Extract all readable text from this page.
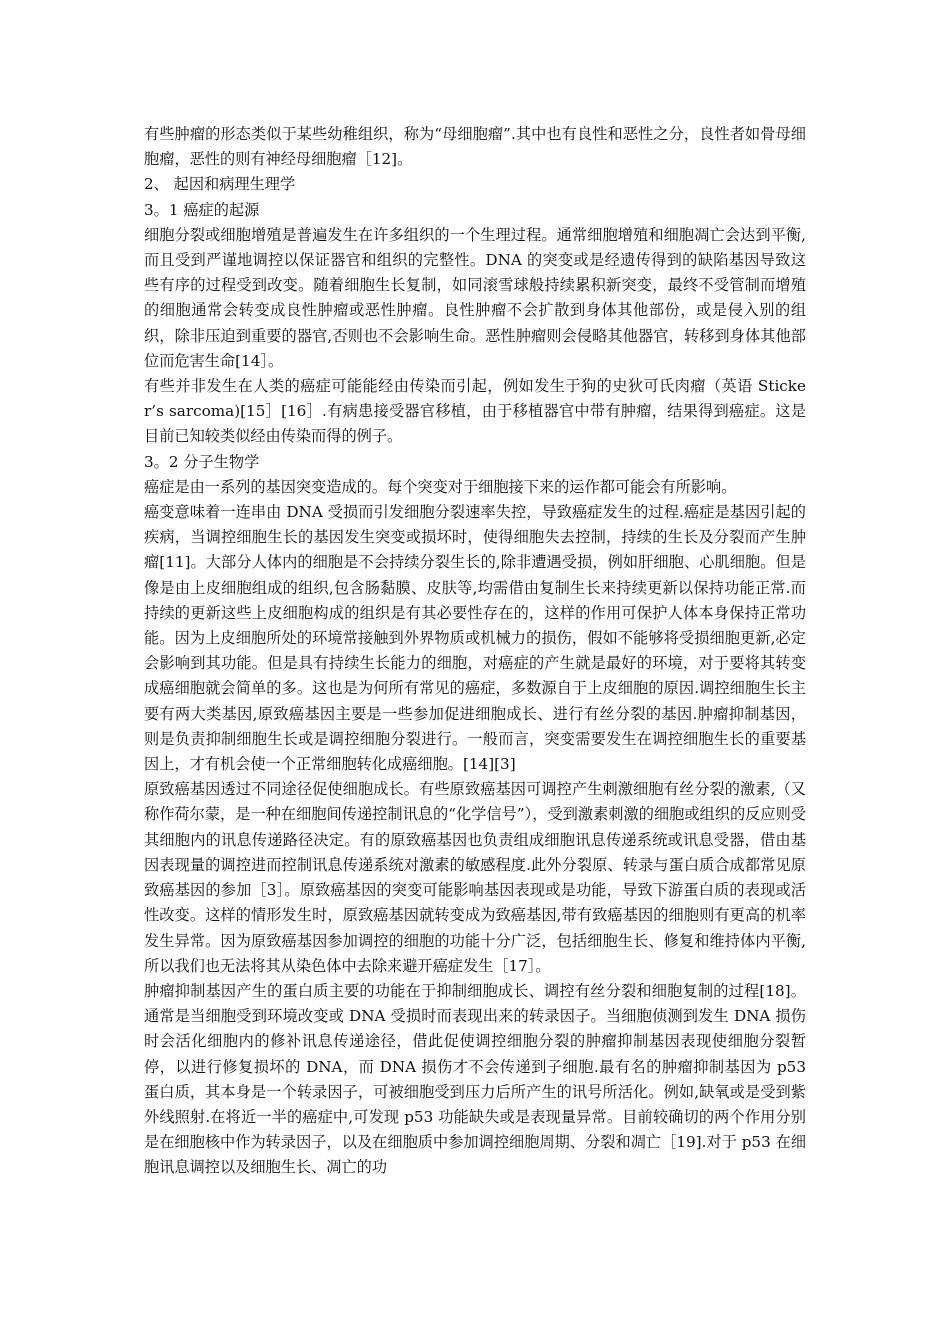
有些肿瘤的形态类似于某些幼稚组织，称为“母细胞瘤”.其中也有良性和恶性之分，良性者如骨母细胞瘤，恶性的则有神经母细胞瘤［12]。

2、 起因和病理生理学

3。1 癌症的起源

细胞分裂或细胞增殖是普遍发生在许多组织的一个生理过程。通常细胞增殖和细胞凋亡会达到平衡,而且受到严谨地调控以保证器官和组织的完整性。DNA 的突变或是经遗传得到的缺陷基因导致这些有序的过程受到改变。随着细胞生长复制，如同滚雪球般持续累积新突变，最终不受管制而增殖的细胞通常会转变成良性肿瘤或恶性肿瘤。良性肿瘤不会扩散到身体其他部份，或是侵入别的组织，除非压迫到重要的器官,否则也不会影响生命。恶性肿瘤则会侵略其他器官，转移到身体其他部位而危害生命[14］。

有些并非发生在人类的癌症可能能经由传染而引起，例如发生于狗的史狄可氏肉瘤（英语 Sticker’s sarcoma)[15］[16］.有病患接受器官移植，由于移植器官中带有肿瘤，结果得到癌症。这是目前已知较类似经由传染而得的例子。

3。2 分子生物学

癌症是由一系列的基因突变造成的。每个突变对于细胞接下来的运作都可能会有所影响。

癌变意味着一连串由 DNA 受损而引发细胞分裂速率失控，导致癌症发生的过程.癌症是基因引起的疾病，当调控细胞生长的基因发生突变或损坏时，使得细胞失去控制，持续的生长及分裂而产生肿瘤[11]。大部分人体内的细胞是不会持续分裂生长的,除非遭遇受损，例如肝细胞、心肌细胞。但是像是由上皮细胞组成的组织,包含肠黏膜、皮肤等,均需借由复制生长来持续更新以保持功能正常.而持续的更新这些上皮细胞构成的组织是有其必要性存在的，这样的作用可保护人体本身保持正常功能。因为上皮细胞所处的环境常接触到外界物质或机械力的损伤，假如不能够将受损细胞更新,必定会影响到其功能。但是具有持续生长能力的细胞，对癌症的产生就是最好的环境，对于要将其转变成癌细胞就会简单的多。这也是为何所有常见的癌症，多数源自于上皮细胞的原因.调控细胞生长主要有两大类基因,原致癌基因主要是一些参加促进细胞成长、进行有丝分裂的基因.肿瘤抑制基因，则是负责抑制细胞生长或是调控细胞分裂进行。一般而言，突变需要发生在调控细胞生长的重要基因上，才有机会使一个正常细胞转化成癌细胞。[14][3]

原致癌基因透过不同途径促使细胞成长。有些原致癌基因可调控产生刺激细胞有丝分裂的激素,（又称作荷尔蒙，是一种在细胞间传递控制讯息的“化学信号”），受到激素刺激的细胞或组织的反应则受其细胞内的讯息传递路径决定。有的原致癌基因也负责组成细胞讯息传递系统或讯息受器，借由基因表现量的调控进而控制讯息传递系统对激素的敏感程度.此外分裂原、转录与蛋白质合成都常见原致癌基因的参加［3］。原致癌基因的突变可能影响基因表现或是功能，导致下游蛋白质的表现或活性改变。这样的情形发生时，原致癌基因就转变成为致癌基因,带有致癌基因的细胞则有更高的机率发生异常。因为原致癌基因参加调控的细胞的功能十分广泛，包括细胞生长、修复和维持体内平衡,所以我们也无法将其从染色体中去除来避开癌症发生［17］。

肿瘤抑制基因产生的蛋白质主要的功能在于抑制细胞成长、调控有丝分裂和细胞复制的过程[18]。通常是当细胞受到环境改变或 DNA 受损时而表现出来的转录因子。当细胞侦测到发生 DNA 损伤时会活化细胞内的修补讯息传递途径，借此促使调控细胞分裂的肿瘤抑制基因表现使细胞分裂暂停，以进行修复损坏的 DNA，而 DNA 损伤才不会传递到子细胞.最有名的肿瘤抑制基因为 p53 蛋白质，其本身是一个转录因子，可被细胞受到压力后所产生的讯号所活化。例如,缺氧或是受到紫外线照射.在将近一半的癌症中,可发现 p53 功能缺失或是表现量异常。目前较确切的两个作用分别是在细胞核中作为转录因子，以及在细胞质中参加调控细胞周期、分裂和凋亡［19].对于 p53 在细胞讯息调控以及细胞生长、凋亡的功
